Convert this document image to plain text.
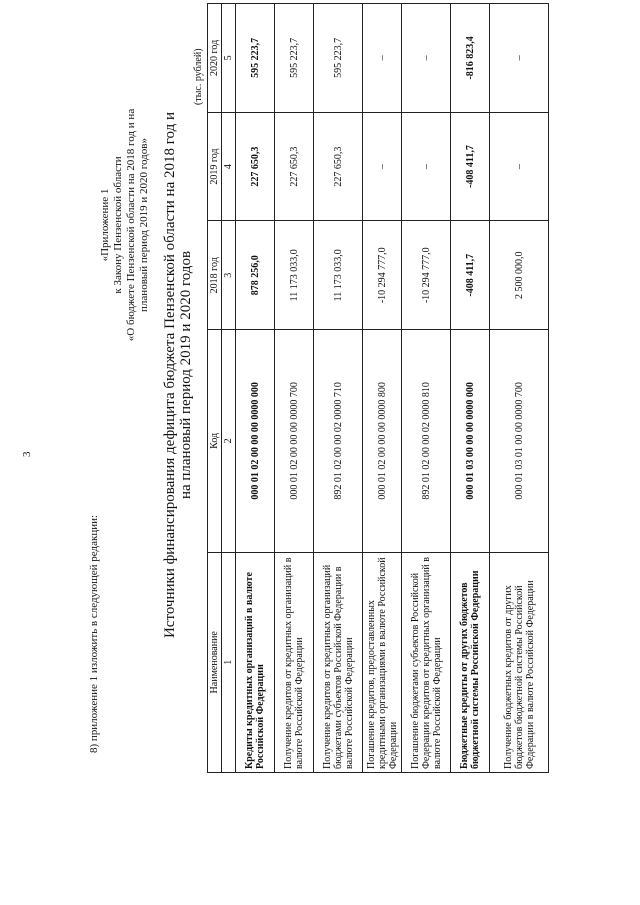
3
8) приложение 1 изложить в следующей редакции:
«Приложение 1 к Закону Пензенской области «О бюджете Пензенской области на 2018 год и на плановый период 2019 и 2020 годов» Источники финансирования дефицита бюджета Пензенской области на 2018 год и на плановый период 2019 и 2020 годов
(тыс. рублей)
Наименование	Код	2018 год	2019 год	2020 год
1	2	3	4	5
Кредиты кредитных организаций в валюте Российской Федерации	000 01 02 00 00 00 0000 000	878 256,0	227 650,3	595 223,7
Получение кредитов от кредитных организаций в валюте Российской Федерации	000 01 02 00 00 00 0000 700	11 173 033,0	227 650,3	595 223,7
Получение кредитов от кредитных организаций бюджетами субъектов Российской Федерации в валюте Российской Федерации	892 01 02 00 00 02 0000 710	11 173 033,0	227 650,3	595 223,7
Погашение кредитов, предоставленных кредитными организациями в валюте Российской Федерации	000 01 02 00 00 00 0000 800	-10 294 777,0	–	–
Погашение бюджетами субъектов Российской Федерации кредитов от кредитных организаций в валюте Российской Федерации	892 01 02 00 00 02 0000 810	-10 294 777,0	–	–
Бюджетные кредиты от других бюджетов бюджетной системы Российской Федерации	000 01 03 00 00 00 0000 000	-408 411,7	-408 411,7	-816 823,4
Получение бюджетных кредитов от других бюджетов бюджетной системы Российской Федерации в валюте Российской Федерации	000 01 03 01 00 00 0000 700	2 500 000,0	–	–
